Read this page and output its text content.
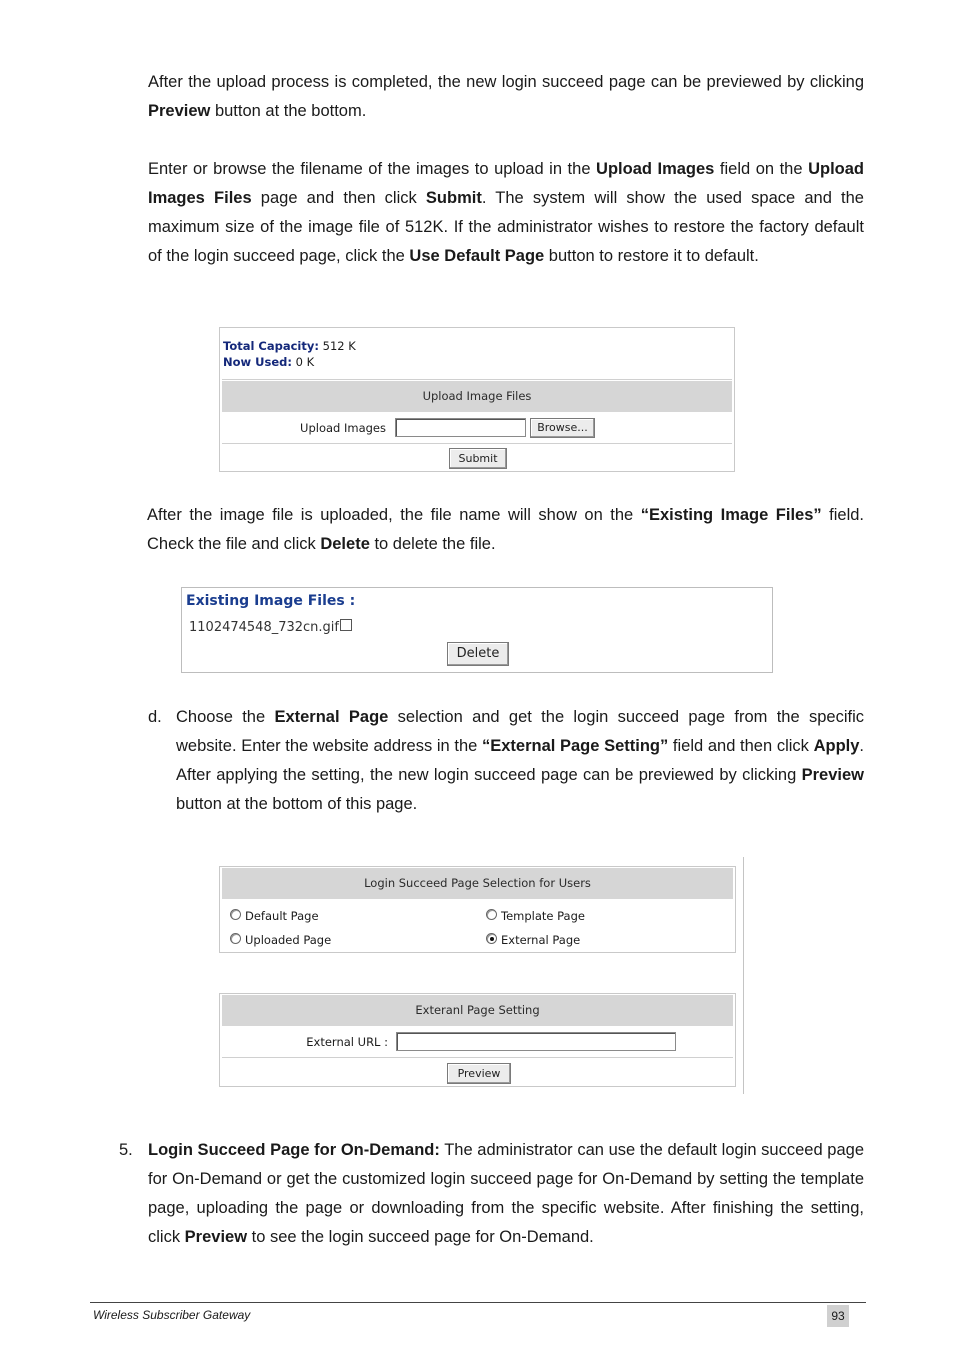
After the upload process is completed, the new login succeed page can be previewed by clicking Preview button at the bottom.
Enter or browse the filename of the images to upload in the Upload Images field on the Upload Images Files page and then click Submit. The system will show the used space and the maximum size of the image file of 512K. If the administrator wishes to restore the factory default of the login succeed page, click the Use Default Page button to restore it to default.
Total Capacity: 512 K
Now Used: 0 K
Upload Image Files
Upload Images	Browse...
Submit
After the image file is uploaded, the file name will show on the “Existing Image Files” field. Check the file and click Delete to delete the file.
Existing Image Files :
1102474548_732cn.gif
Delete
d. Choose the External Page selection and get the login succeed page from the specific website. Enter the website address in the “External Page Setting” field and then click Apply. After applying the setting, the new login succeed page can be previewed by clicking Preview button at the bottom of this page.
Login Succeed Page Selection for Users
Default Page	Template Page
Uploaded Page	External Page
Exteranl Page Setting
External URL :
Preview
5. Login Succeed Page for On-Demand: The administrator can use the default login succeed page for On-Demand or get the customized login succeed page for On-Demand by setting the template page, uploading the page or downloading from the specific website. After finishing the setting, click Preview to see the login succeed page for On-Demand.
Wireless Subscriber Gateway	93
